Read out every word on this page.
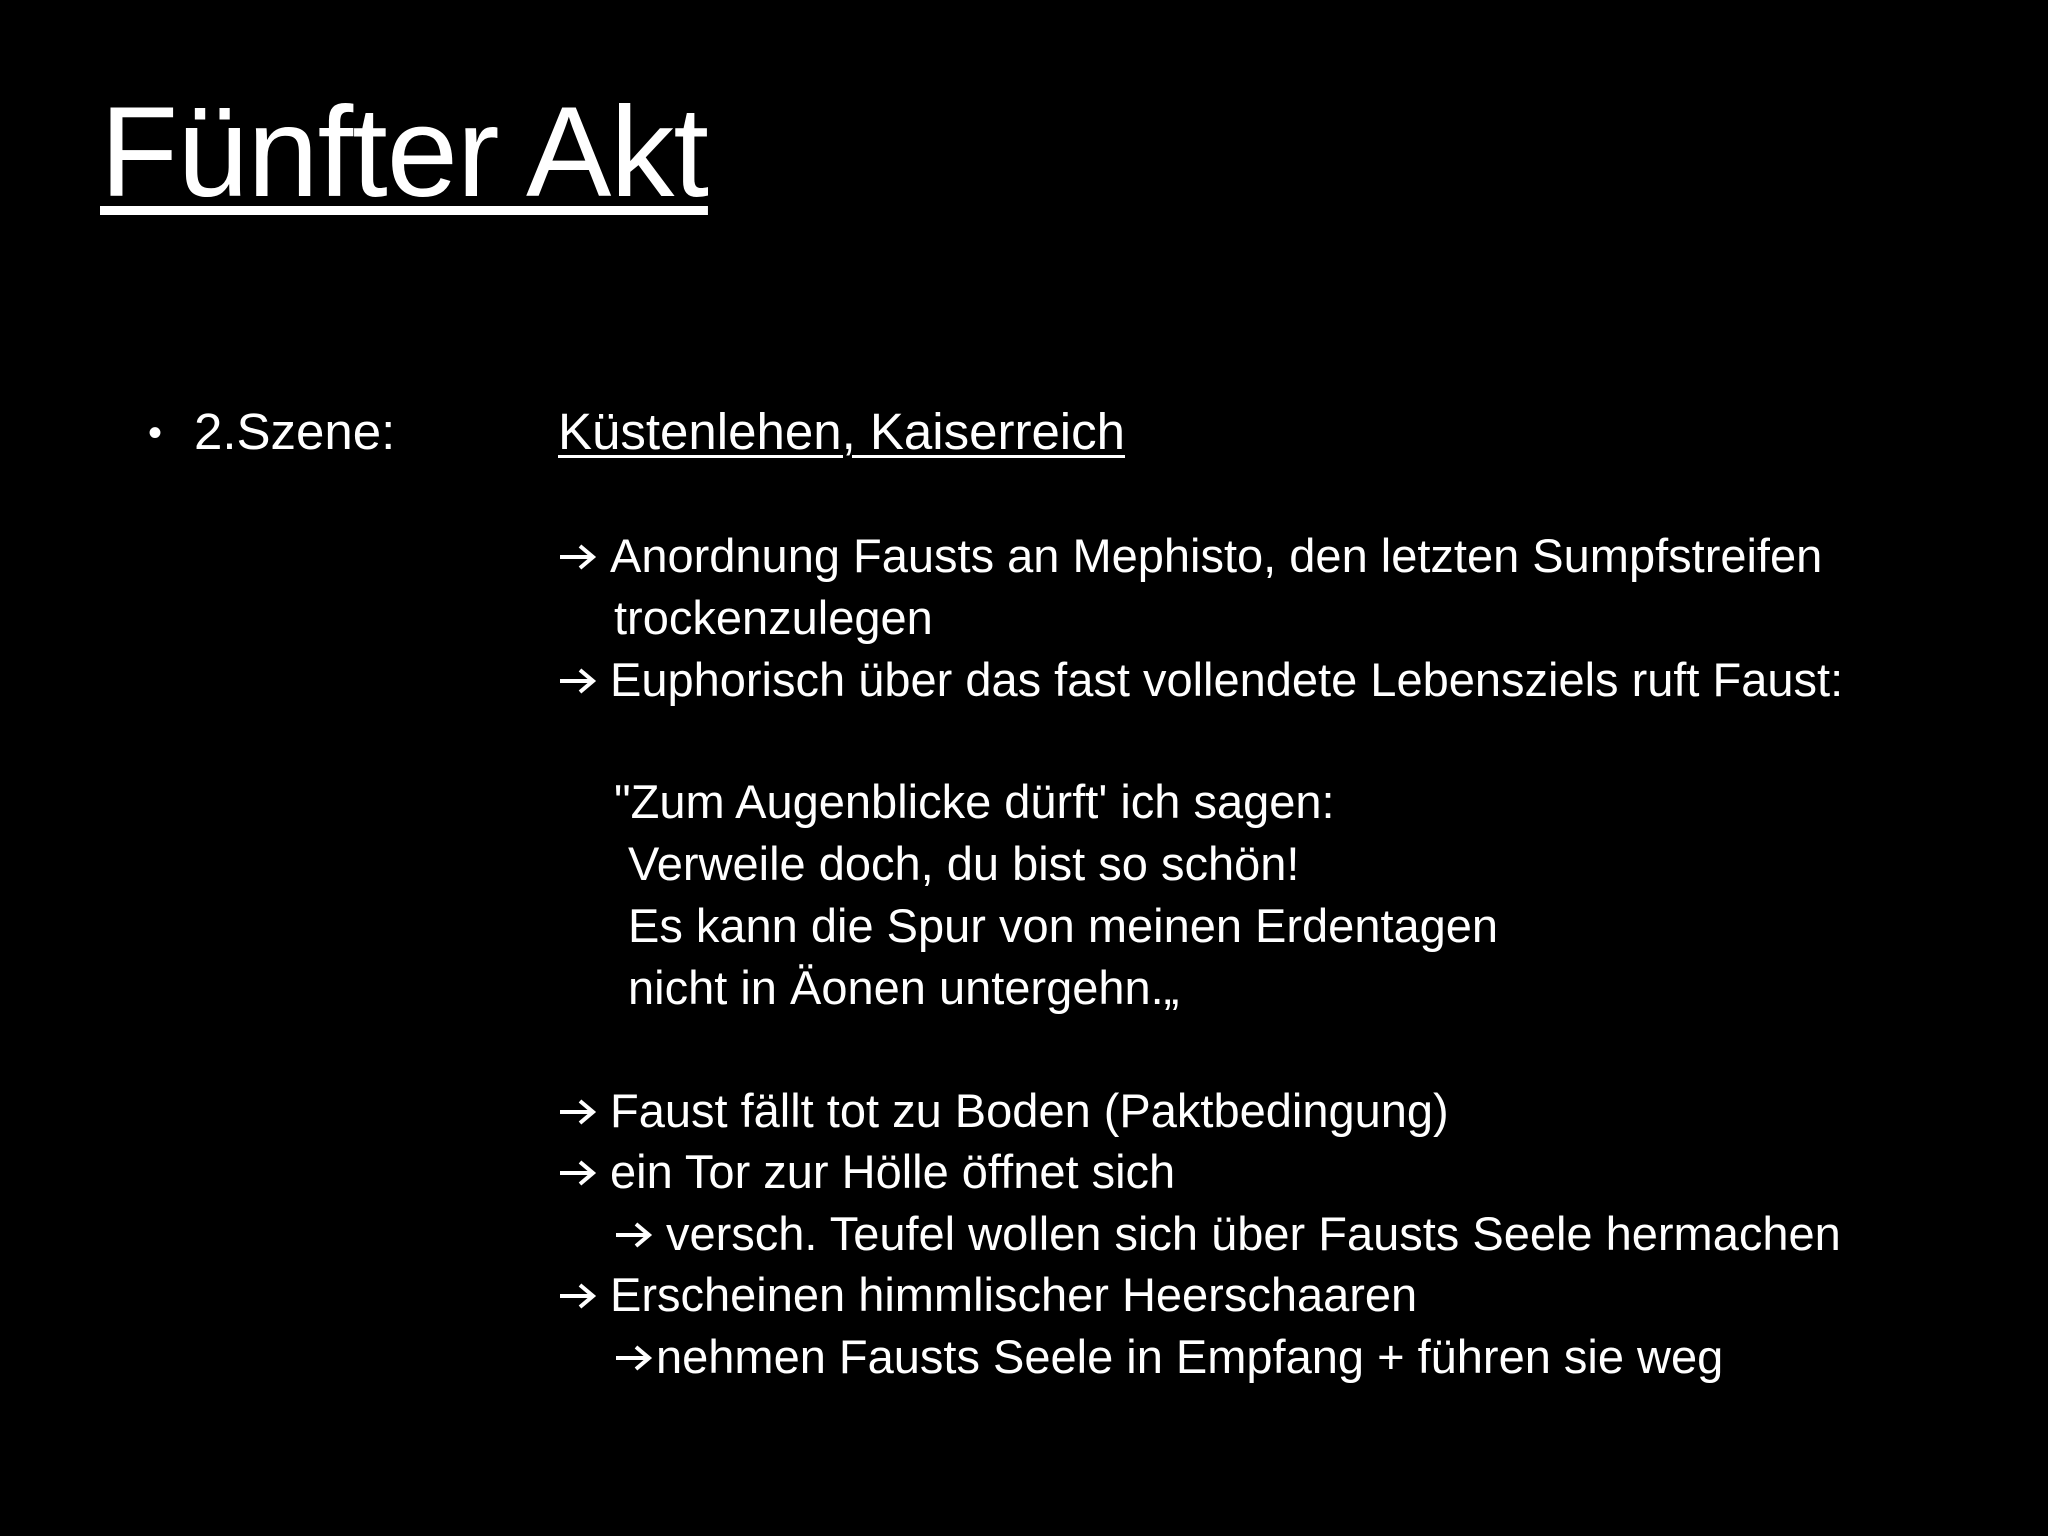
Fünfter Akt
• 2.Szene:	Küstenlehen, Kaiserreich
Anordnung Fausts an Mephisto, den letzten Sumpfstreifen
trockenzulegen
Euphorisch über das fast vollendete Lebensziels ruft Faust:
"Zum Augenblicke dürft' ich sagen:
Verweile doch, du bist so schön!
Es kann die Spur von meinen Erdentagen
nicht in Äonen untergehn.„
Faust fällt tot zu Boden (Paktbedingung)
ein Tor zur Hölle öffnet sich
versch. Teufel wollen sich über Fausts Seele hermachen
Erscheinen himmlischer Heerschaaren
nehmen Fausts Seele in Empfang + führen sie weg
